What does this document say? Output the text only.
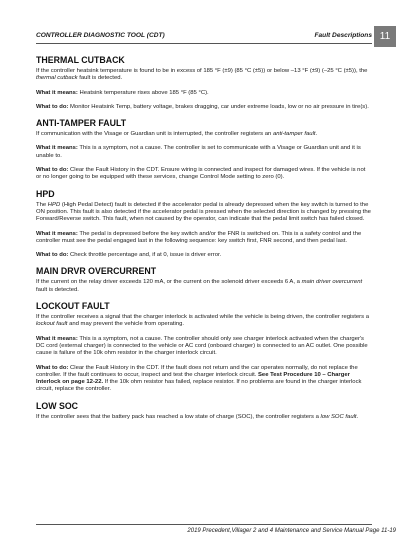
CONTROLLER DIAGNOSTIC TOOL (CDT)	Fault Descriptions 11
THERMAL CUTBACK

If the controller heatsink temperature is found to be in excess of 185 °F (±9) (85 °C (±5)) or below –13 °F (±9) (–25 °C (±5)), the thermal cutback fault is detected.

What it means: Heatsink temperature rises above 185 °F (85 °C).

What to do: Monitor Heatsink Temp, battery voltage, brakes dragging, car under extreme loads, low or no air pressure in tire(s).

ANTI-TAMPER FAULT

If communication with the Visage or Guardian unit is interrupted, the controller registers an anti-tamper fault.

What it means: This is a symptom, not a cause. The controller is set to communicate with a Visage or Guardian unit and it is unable to.

What to do: Clear the Fault History in the CDT. Ensure wiring is connected and inspect for damaged wires. If the vehicle is not or no longer going to be equipped with these services, change Control Mode setting to zero (0).

HPD

The HPD (High Pedal Detect) fault is detected if the accelerator pedal is already depressed when the key switch is turned to the ON position. This fault is also detected if the accelerator pedal is pressed when the selected direction is changed by pressing the Forward/Reverse switch. This fault, when not caused by the operator, can indicate that the pedal limit switch has failed closed.

What it means: The pedal is depressed before the key switch and/or the FNR is switched on. This is a safety control and the controller must see the pedal engaged last in the following sequence: key switch first, FNR second, and then pedal last.

What to do: Check throttle percentage and, if at 0, issue is driver error.

MAIN DRVR OVERCURRENT

If the current on the relay driver exceeds 120 mA, or the current on the solenoid driver exceeds 6 A, a main driver overcurrent fault is detected.

LOCKOUT FAULT

If the controller receives a signal that the charger interlock is activated while the vehicle is being driven, the controller registers a lockout fault and may prevent the vehicle from operating.

What it means: This is a symptom, not a cause. The controller should only see charger interlock activated when the charger's DC cord (external charger) is connected to the vehicle or AC cord (onboard charger) is connected to an AC outlet. One possible cause is failure of the 10k ohm resistor in the charger interlock circuit.

What to do: Clear the Fault History in the CDT. If the fault does not return and the car operates normally, do not replace the controller. If the fault continues to occur, inspect and test the charger interlock circuit. See Test Procedure 10 – Charger Interlock on page 12-22. If the 10k ohm resistor has failed, replace resistor. If no problems are found in the charger interlock circuit, replace the controller.

LOW SOC

If the controller sees that the battery pack has reached a low state of charge (SOC), the controller registers a low SOC fault.

2019 Precedent,Villager 2 and 4 Maintenance and Service Manual Page 11-19
